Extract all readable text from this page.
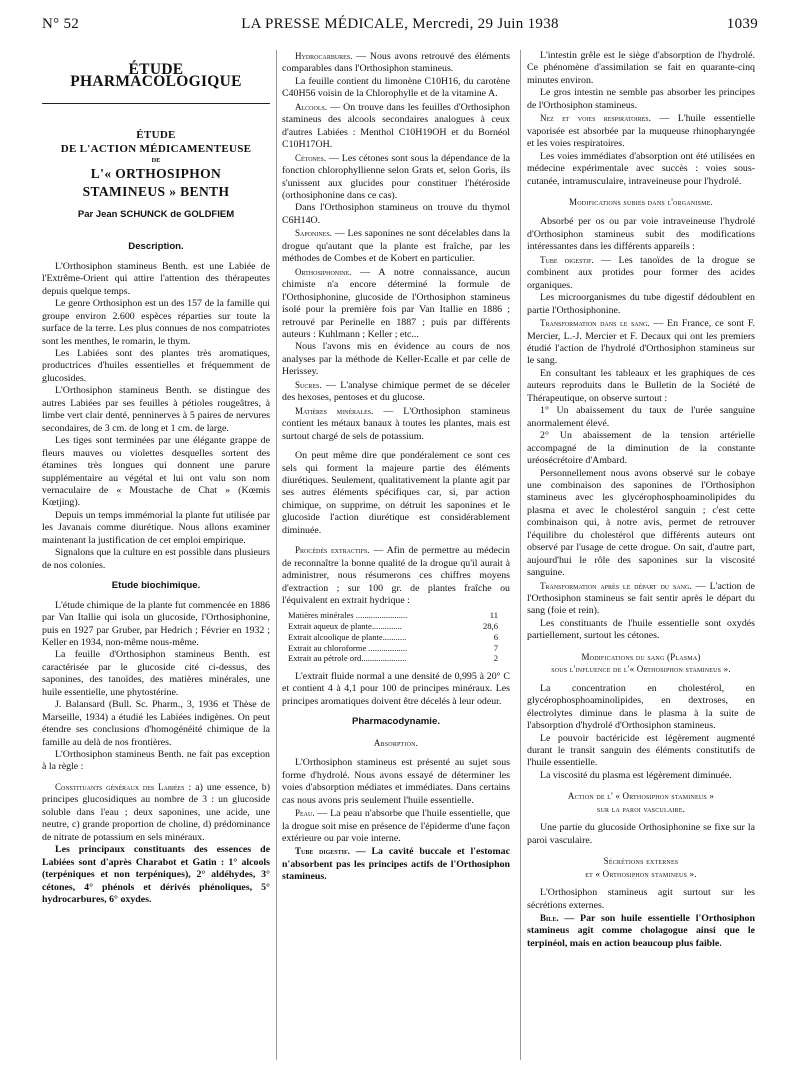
N° 52	LA PRESSE MÉDICALE, Mercredi, 29 Juin 1938	1039
ÉTUDE PHARMACOLOGIQUE
ÉTUDE
DE L'ACTION MÉDICAMENTEUSE
DE
L'« ORTHOSIPHON
STAMINEUS » BENTH
Par Jean SCHUNCK de GOLDFIEM
Description.

L'Orthosiphon stamineus Benth. est une Labiée de l'Extrême-Orient qui attire l'attention des thérapeutes depuis quelque temps.

Le genre Orthosiphon est un des 157 de la famille qui groupe environ 2.600 espèces réparties sur toute la surface de la terre. Les plus connues de nos compatriotes sont les menthes, le romarin, le thym.

Les Labiées sont des plantes très aromatiques, productrices d'huiles essentielles et fréquemment de glucosides.

L'Orthosiphon stamineus Benth. se distingue des autres Labiées par ses feuilles à pétioles rougeâtres, à limbe vert clair denté, penninerves à 5 paires de nervures secondaires, de 3 cm. de long et 1 cm. de large.

Les tiges sont terminées par une élégante grappe de fleurs mauves ou violettes desquelles sortent des étamines très longues qui donnent une parure supplémentaire au végétal et lui ont valu son nom vernaculaire de « Moustache de Chat » (Kœmis Kœtjing).

Depuis un temps immémorial la plante fut utilisée par les Javanais comme diurétique. Nous allons examiner maintenant la justification de cet emploi empirique.

Signalons que la culture en est possible dans plusieurs de nos colonies.

Etude biochimique.

L'étude chimique de la plante fut commencée en 1886 par Van Itallie qui isola un glucoside, l'Orthosiphonine, puis en 1927 par Gruber, par Hedrich ; Février en 1932 ; Keller en 1934, non-même nous-même.

La feuille d'Orthosiphon stamineus Benth. est caractérisée par le glucoside cité ci-dessus, des saponines, des tanoïdes, des matières minérales, une huile essentielle, une phytostérine.

J. Balansard (Bull. Sc. Pharm., 3, 1936 et Thèse de Marseille, 1934) a étudié les Labiées indigènes. On peut étendre ses conclusions d'homogénéité chimique de la famille au delà de nos frontières.

L'Orthosiphon stamineus Benth. ne fait pas exception à la règle :

Constituants généraux des Labiées : a) une essence, b) principes glucosidiques au nombre de 3 : un glucoside soluble dans l'eau ; deux saponines, une acide, une neutre, c) grande proportion de choline, d) prédominance de nitrate de potassium en sels minéraux.

Les principaux constituants des essences de Labiées sont d'après Charabot et Gatin : 1° alcools (terpéniques et non terpéniques), 2° aldéhydes, 3° cétones, 4° phénols et dérivés phénoliques, 5° hydrocarbures, 6° oxydes.

Hydrocarbures. — Nous avons retrouvé des éléments comparables dans l'Orthosiphon stamineus.

La feuille contient du limonène C10H16, du carotène C40H56 voisin de la Chlorophylle et de la vitamine A.

Alcools. — On trouve dans les feuilles d'Orthosiphon stamineus des alcools secondaires analogues à ceux d'autres Labiées : Menthol C10H19OH et du Bornéol C10H17OH.

Cétones. — Les cétones sont sous la dépendance de la fonction chlorophyllienne selon Grats et, selon Goris, ils s'unissent aux glucides pour constituer l'hétéroside (orthosiphonine dans ce cas).

Dans l'Orthosiphon stamineus on trouve du thymol C6H14O.

Saponines. — Les saponines ne sont décelables dans la drogue qu'autant que la plante est fraîche, par les méthodes de Combes et de Kobert en particulier.

Orthosiphonine. — A notre connaissance, aucun chimiste n'a encore déterminé la formule de l'Orthosiphonine, glucoside de l'Orthosiphon stamineus isolé pour la première fois par Van Itallie en 1886 ; retrouvé par Perinelle en 1887 ; puis par différents auteurs : Kuhlmann ; Keller ; etc...

Nous l'avons mis en évidence au cours de nos analyses par la méthode de Keller-Ecalle et par celle de Herissey.

Sucres. — L'analyse chimique permet de se déceler des hexoses, pentoses et du glucose.

Matières minérales. — L'Orthosiphon stamineus contient les métaux banaux à toutes les plantes, mais est surtout chargé de sels de potassium.

On peut même dire que pondéralement ce sont ces sels qui forment la majeure partie des éléments diurétiques. Seulement, qualitativement la plante agit par ses autres éléments spécifiques car, si, par action chimique, on supprime, on détruit les saponines et le glucoside l'action diurétique est considérablement diminuée.

Procédés extractifs. — Afin de permettre au médecin de reconnaître la bonne qualité de la drogue qu'il aurait à administrer, nous résumerons ces chiffres moyens d'extraction ; sur 100 gr. de plantes fraîche ou l'équivalent en extrait hydrique :

Matières minérales ........................	11
Extrait aqueux de plante..............	28,6
Extrait alcoolique de plante...........	6
Extrait au chloroforme ..................	7
Extrait au pétrole ord.....................	2

L'extrait fluide normal a une densité de 0,995 à 20° C et contient 4 à 4,1 pour 100 de principes minéraux. Les principes aromatiques doivent être décelés à leur odeur.

Pharmacodynamie.
Absorption.

L'Orthosiphon stamineus est présenté au sujet sous forme d'hydrolé. Nous avons essayé de déterminer les voies d'absorption médiates et immédiates. Dans certains cas nous avons pris seulement l'huile essentielle.

Peau. — La peau n'absorbe que l'huile essentielle, que la drogue soit mise en présence de l'épiderme d'une façon extérieure ou par voie interne.

Tube digestif. — La cavité buccale et l'estomac n'absorbent pas les principes actifs de l'Orthosiphon stamineus.

L'intestin grêle est le siège d'absorption de l'hydrolé. Ce phénomène d'assimilation se fait en quarante-cinq minutes environ.

Le gros intestin ne semble pas absorber les principes de l'Orthosiphon stamineus.

Nez et voies respiratoires. — L'huile essentielle vaporisée est absorbée par la muqueuse rhinopharyngée et les voies respiratoires.

Les voies immédiates d'absorption ont été utilisées en médecine expérimentale avec succès : voies sous-cutanée, intramusculaire, intraveineuse pour l'hydrolé.

Modifications subies dans l'organisme.

Absorbé per os ou par voie intraveineuse l'hydrolé d'Orthosiphon stamineus subit des modifications intéressantes dans les différents appareils :

Tube digestif. — Les tanoïdes de la drogue se combinent aux protides pour former des acides organiques.

Les microorganismes du tube digestif dédoublent en partie l'Orthosiphonine.

Transformation dans le sang. — En France, ce sont F. Mercier, L.-J. Mercier et F. Decaux qui ont les premiers étudié l'action de l'hydrolé d'Orthosiphon stamineus sur le sang.

En consultant les tableaux et les graphiques de ces auteurs reproduits dans le Bulletin de la Société de Thérapeutique, on observe surtout :

1° Un abaissement du taux de l'urée sanguine anormalement élevé.

2° Un abaissement de la tension artérielle accompagné de la diminution de la constante uréosécrétoire d'Ambard.

Personnellement nous avons observé sur le cobaye une combinaison des saponines de l'Orthosiphon stamineus avec les glycérophosphoaminolipides du plasma et avec le cholestérol sanguin ; c'est cette combinaison qui, à notre avis, permet de retrouver l'équilibre du cholestérol que différents auteurs ont observé par l'usage de cette drogue. On sait, d'autre part, aujourd'hui le rôle des saponines sur la viscosité sanguine.

Transformation après le départ du sang. — L'action de l'Orthosiphon stamineus se fait sentir après le départ du sang (foie et rein).

Les constituants de l'huile essentielle sont oxydés partiellement, surtout les cétones.

Modifications du sang (Plasma)
sous l'influence de l'« Orthosiphon stamineus ».

La concentration en cholestérol, en glycérophosphoaminolipides, en dextroses, en électrolytes diminue dans le plasma à la suite de l'absorption d'hydrolé d'Orthosiphon stamineus.

Le pouvoir bactéricide est légèrement augmenté durant le transit sanguin des éléments constitutifs de l'huile essentielle.

La viscosité du plasma est légèrement diminuée.

Action de l' « Orthosiphon stamineus »
sur la paroi vasculaire.

Une partie du glucoside Orthosiphonine se fixe sur la paroi vasculaire.

Sécrétions externes
et « Orthosiphon stamineus ».

L'Orthosiphon stamineus agit surtout sur les sécrétions externes.

Bile. — Par son huile essentielle l'Orthosiphon stamineus agit comme cholagogue ainsi que le terpinéol, mais en action beaucoup plus faible.
